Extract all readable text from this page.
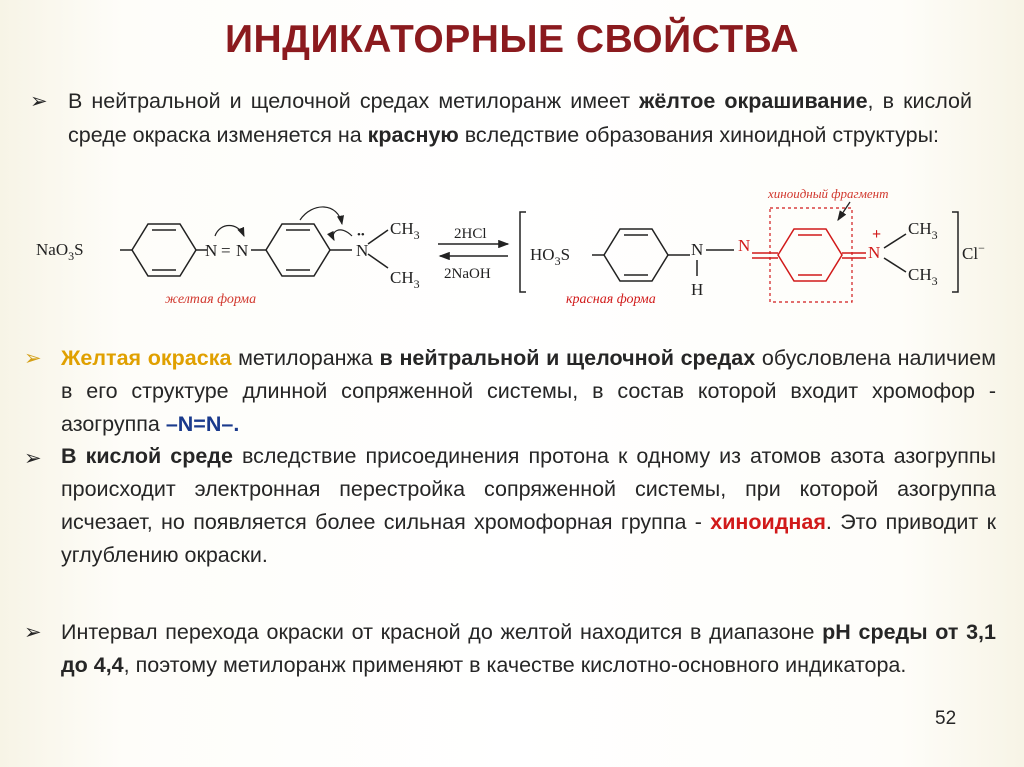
ИНДИКАТОРНЫЕ СВОЙСТВА
➢ В нейтральной и щелочной средах метилоранж имеет жёлтое окрашивание, в кислой среде окраска изменяется на красную вследствие образования хиноидной структуры:
NaO$_3$S	N = N	N
•• $CH_3$
$CH_3$
желтая форма
2HCl
2NaOH
$HO_3S$	N
H
N
+
N
$CH_3$
$CH_3$
хиноидный фрагмент
красная форма
Cl−
➢ Желтая окраска метилоранжа в нейтральной и щелочной средах обусловлена наличием в его структуре длинной сопряженной системы, в состав которой входит хромофор - азогруппа –N=N–.
➢ В кислой среде вследствие присоединения протона к одному из атомов азота азогруппы происходит электронная перестройка сопряженной системы, при которой азогруппа исчезает, но появляется более сильная хромофорная группа - хиноидная. Это приводит к углублению окраски.
➢ Интервал перехода окраски от красной до желтой находится в диапазоне рН среды от 3,1 до 4,4, поэтому метилоранж применяют в качестве кислотно-основного индикатора.
52
